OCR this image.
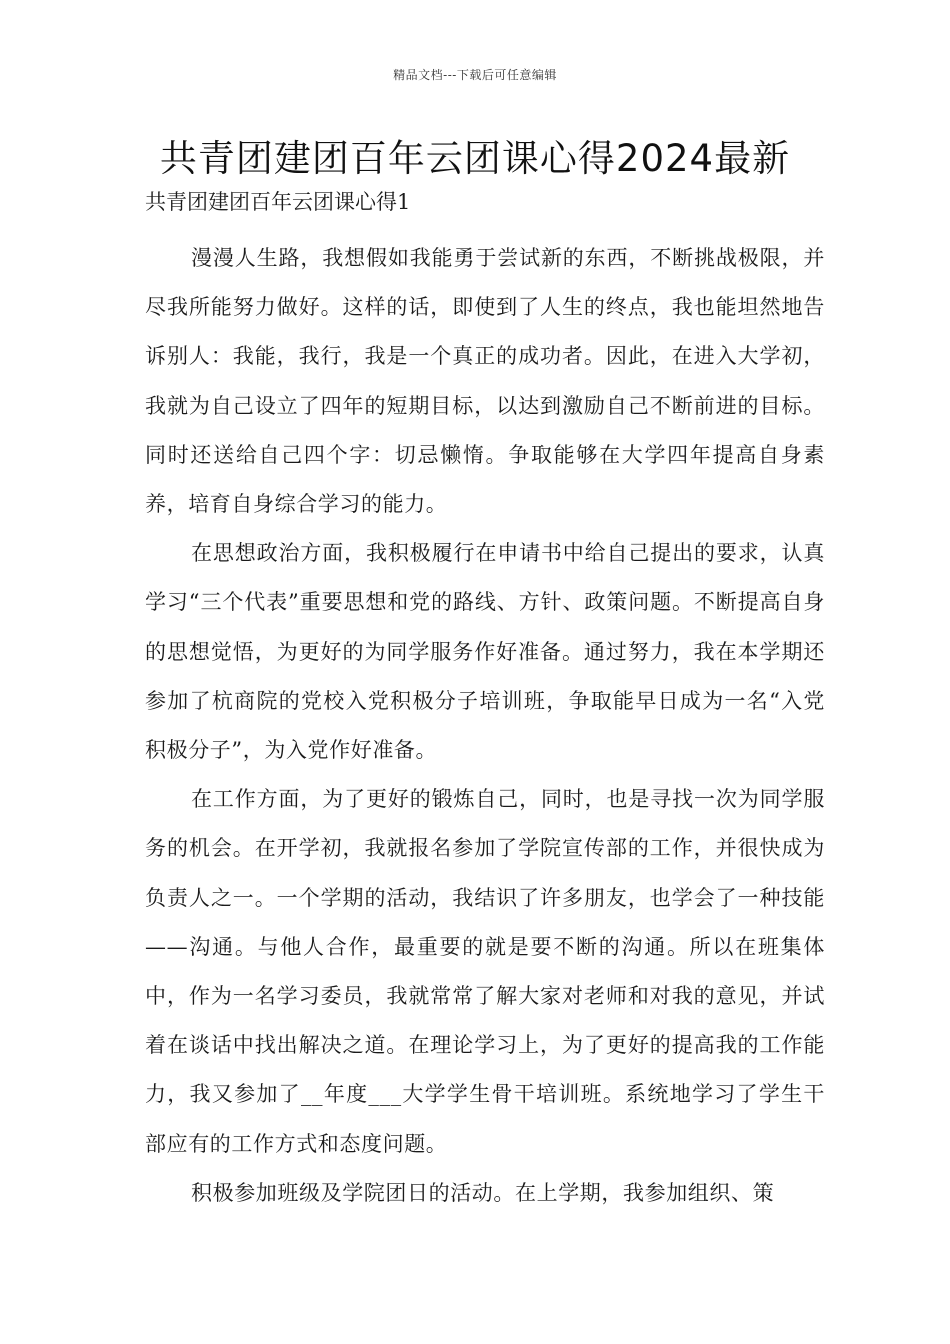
精品文档---下载后可任意编辑
共青团建团百年云团课心得2024最新

共青团建团百年云团课心得1

漫漫人生路，我想假如我能勇于尝试新的东西，不断挑战极限，并尽我所能努力做好。这样的话，即使到了人生的终点，我也能坦然地告诉别人：我能，我行，我是一个真正的成功者。因此，在进入大学初，我就为自己设立了四年的短期目标，以达到激励自己不断前进的目标。同时还送给自己四个字：切忌懒惰。争取能够在大学四年提高自身素养，培育自身综合学习的能力。

在思想政治方面，我积极履行在申请书中给自己提出的要求，认真学习“三个代表”重要思想和党的路线、方针、政策问题。不断提高自身的思想觉悟，为更好的为同学服务作好准备。通过努力，我在本学期还参加了杭商院的党校入党积极分子培训班，争取能早日成为一名“入党积极分子”，为入党作好准备。

在工作方面，为了更好的锻炼自己，同时，也是寻找一次为同学服务的机会。在开学初，我就报名参加了学院宣传部的工作，并很快成为负责人之一。一个学期的活动，我结识了许多朋友，也学会了一种技能——沟通。与他人合作，最重要的就是要不断的沟通。所以在班集体中，作为一名学习委员，我就常常了解大家对老师和对我的意见，并试着在谈话中找出解决之道。在理论学习上，为了更好的提高我的工作能力，我又参加了__年度___大学学生骨干培训班。系统地学习了学生干部应有的工作方式和态度问题。

积极参加班级及学院团日的活动。在上学期，我参加组织、策
